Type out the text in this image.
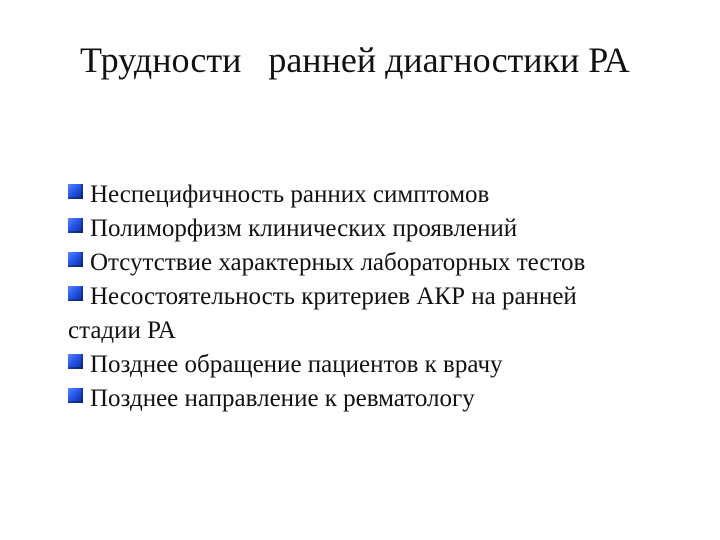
Трудности   ранней диагностики РА
Неспецифичность ранних симптомов
Полиморфизм клинических проявлений
Отсутствие характерных лабораторных тестов
Несостоятельность критериев АКР на ранней
стадии РА
Позднее обращение пациентов к врачу
Позднее направление к ревматологу
